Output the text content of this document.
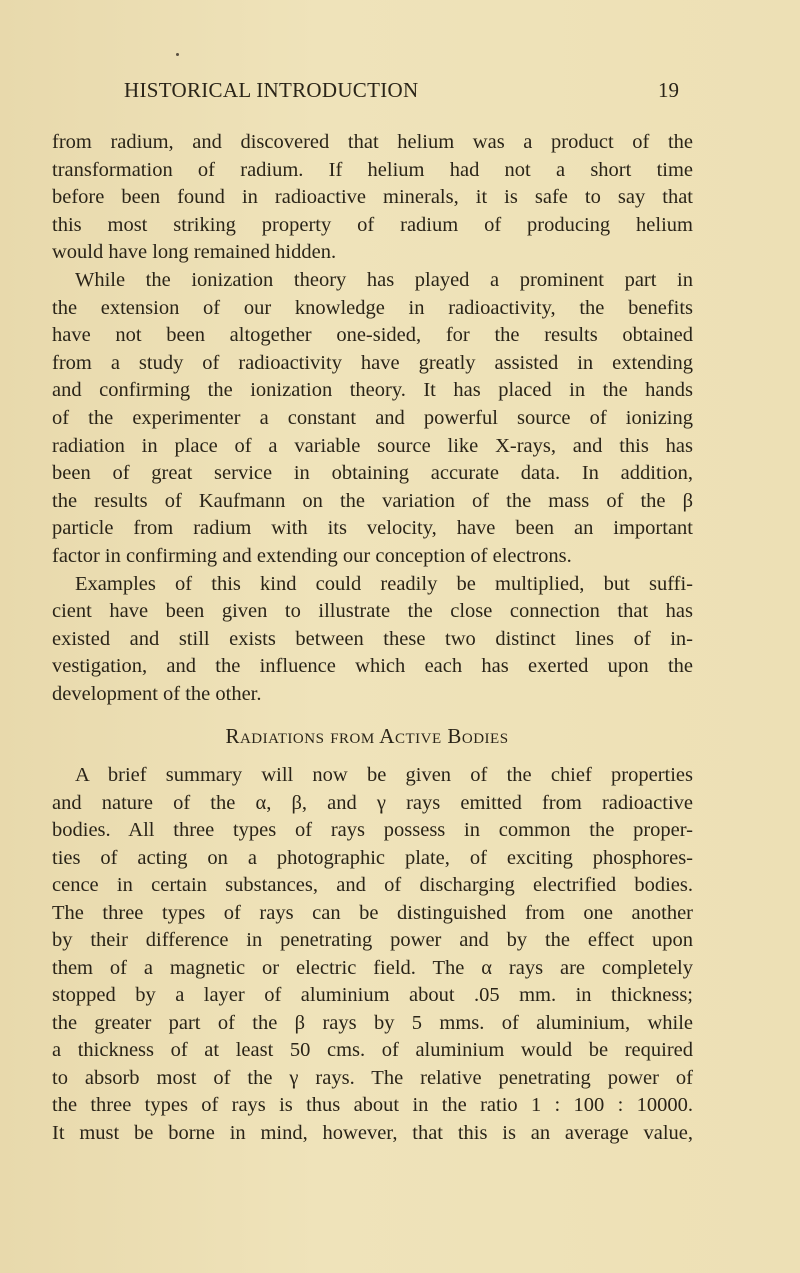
HISTORICAL INTRODUCTION	19
from radium, and discovered that helium was a product of the
transformation of radium. If helium had not a short time
before been found in radioactive minerals, it is safe to say that
this most striking property of radium of producing helium
would have long remained hidden.
While the ionization theory has played a prominent part in
the extension of our knowledge in radioactivity, the benefits
have not been altogether one-sided, for the results obtained
from a study of radioactivity have greatly assisted in extending
and confirming the ionization theory. It has placed in the hands
of the experimenter a constant and powerful source of ionizing
radiation in place of a variable source like X-rays, and this has
been of great service in obtaining accurate data. In addition,
the results of Kaufmann on the variation of the mass of the β
particle from radium with its velocity, have been an important
factor in confirming and extending our conception of electrons.
Examples of this kind could readily be multiplied, but suffi-
cient have been given to illustrate the close connection that has
existed and still exists between these two distinct lines of in-
vestigation, and the influence which each has exerted upon the
development of the other.
A brief summary will now be given of the chief properties
and nature of the α, β, and γ rays emitted from radioactive
bodies. All three types of rays possess in common the proper-
ties of acting on a photographic plate, of exciting phosphores-
cence in certain substances, and of discharging electrified bodies.
The three types of rays can be distinguished from one another
by their difference in penetrating power and by the effect upon
them of a magnetic or electric field. The α rays are completely
stopped by a layer of aluminium about .05 mm. in thickness;
the greater part of the β rays by 5 mms. of aluminium, while
a thickness of at least 50 cms. of aluminium would be required
to absorb most of the γ rays. The relative penetrating power of
the three types of rays is thus about in the ratio 1 : 100 : 10000.
It must be borne in mind, however, that this is an average value,
Radiations from Active Bodies
